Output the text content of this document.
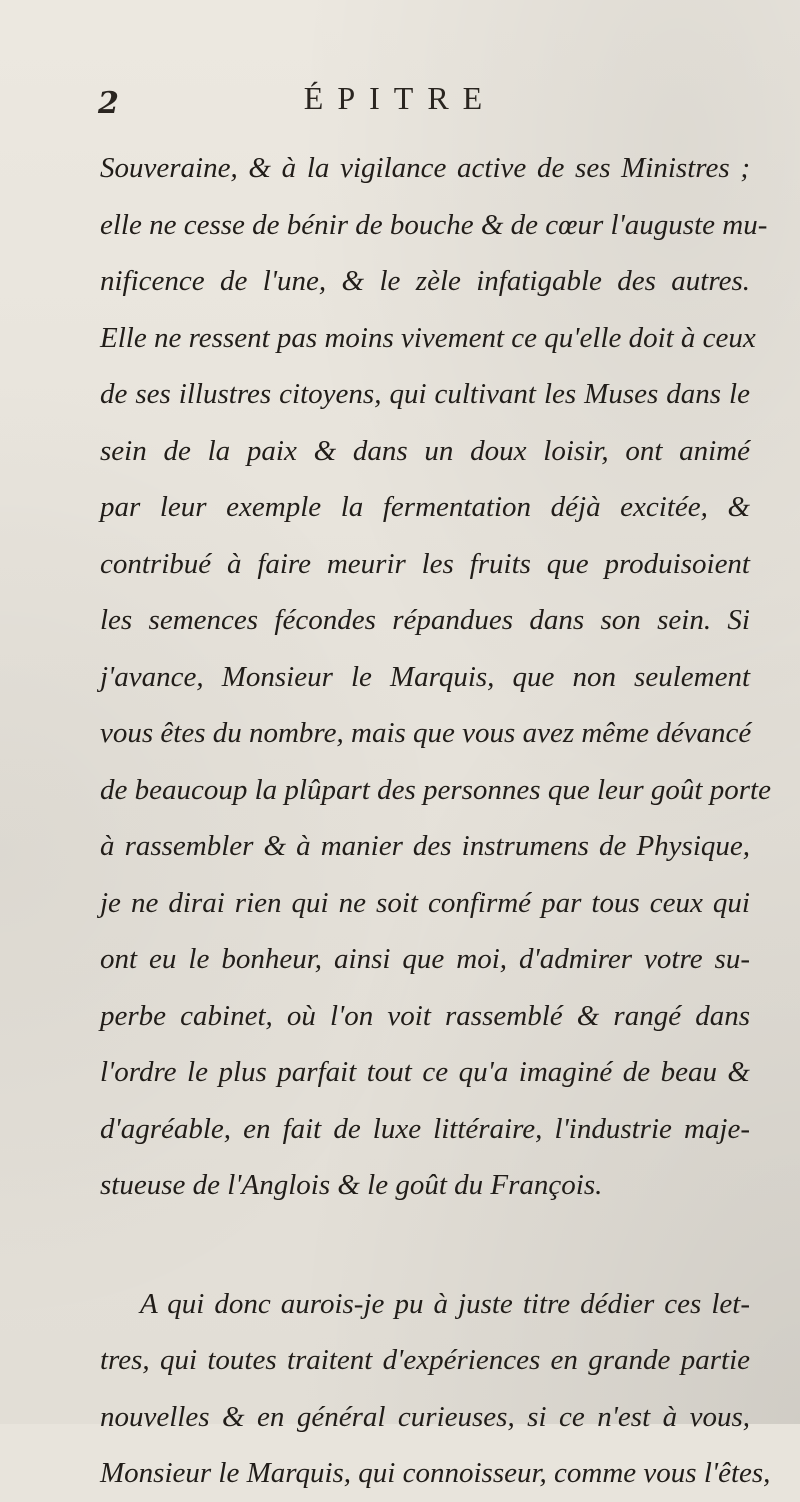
2	ÉPITRE
Souveraine, & à la vigilance active de ses Ministres ;
elle ne cesse de bénir de bouche & de cœur l'auguste mu-
nificence de l'une, & le zèle infatigable des autres.
Elle ne ressent pas moins vivement ce qu'elle doit à ceux
de ses illustres citoyens, qui cultivant les Muses dans le
sein de la paix & dans un doux loisir, ont animé
par leur exemple la fermentation déjà excitée, &
contribué à faire meurir les fruits que produisoient
les semences fécondes répandues dans son sein. Si
j'avance, Monsieur le Marquis, que non seulement
vous êtes du nombre, mais que vous avez même dévancé
de beaucoup la plûpart des personnes que leur goût porte
à rassembler & à manier des instrumens de Physique,
je ne dirai rien qui ne soit confirmé par tous ceux qui
ont eu le bonheur, ainsi que moi, d'admirer votre su-
perbe cabinet, où l'on voit rassemblé & rangé dans
l'ordre le plus parfait tout ce qu'a imaginé de beau &
d'agréable, en fait de luxe littéraire, l'industrie maje-
stueuse de l'Anglois & le goût du François.
A qui donc aurois-je pu à juste titre dédier ces let-
tres, qui toutes traitent d'expériences en grande partie
nouvelles & en général curieuses, si ce n'est à vous,
Monsieur le Marquis, qui connoisseur, comme vous l'êtes,
